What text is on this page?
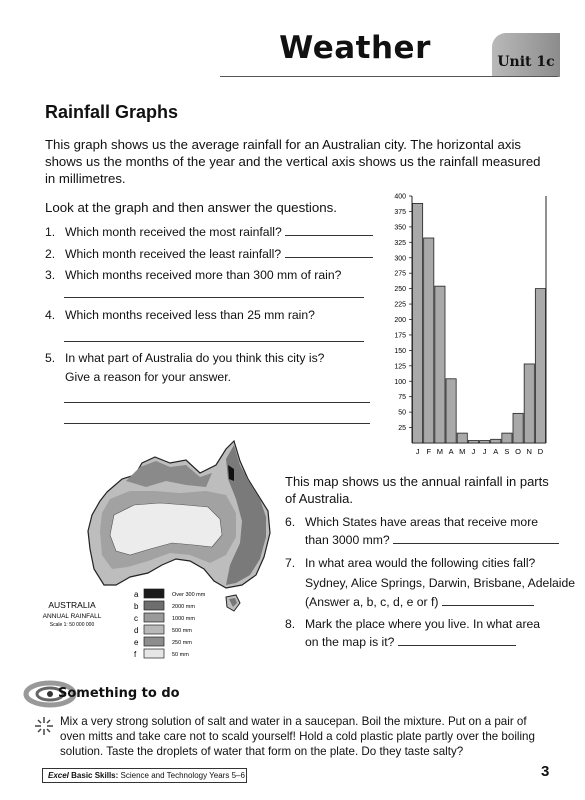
Weather	Unit 1c
Rainfall Graphs
This graph shows us the average rainfall for an Australian city. The horizontal axis shows us the months of the year and the vertical axis shows us the rainfall measured in millimetres.
Look at the graph and then answer the questions.
1. Which month received the most rainfall?
2. Which month received the least rainfall?
3. Which months received more than 300 mm of rain?
4. Which months received less than 25 mm rain?
5. In what part of Australia do you think this city is?
Give a reason for your answer.
25
50
75
100
125
150
175
200
225
250
275
300
325
350
375
400
J F M A M J J A S O N D
a	Over 300 mm
b	2000 mm
c	1000 mm
d	500 mm
e	250 mm
f	50 mm
AUSTRALIA
ANNUAL RAINFALL
Scale 1: 50 000 000
This map shows us the annual rainfall in parts of Australia.
6. Which States have areas that receive more
than 3000 mm?
7. In what area would the following cities fall?
Sydney, Alice Springs, Darwin, Brisbane, Adelaide
(Answer a, b, c, d, e or f)
8. Mark the place where you live. In what area
on the map is it?
Something to do
Mix a very strong solution of salt and water in a saucepan. Boil the mixture. Put on a pair of oven mitts and take care not to scald yourself! Hold a cold plastic plate partly over the boiling solution. Taste the droplets of water that form on the plate. Do they taste salty?
Excel Basic Skills: Science and Technology Years 5–6	3
